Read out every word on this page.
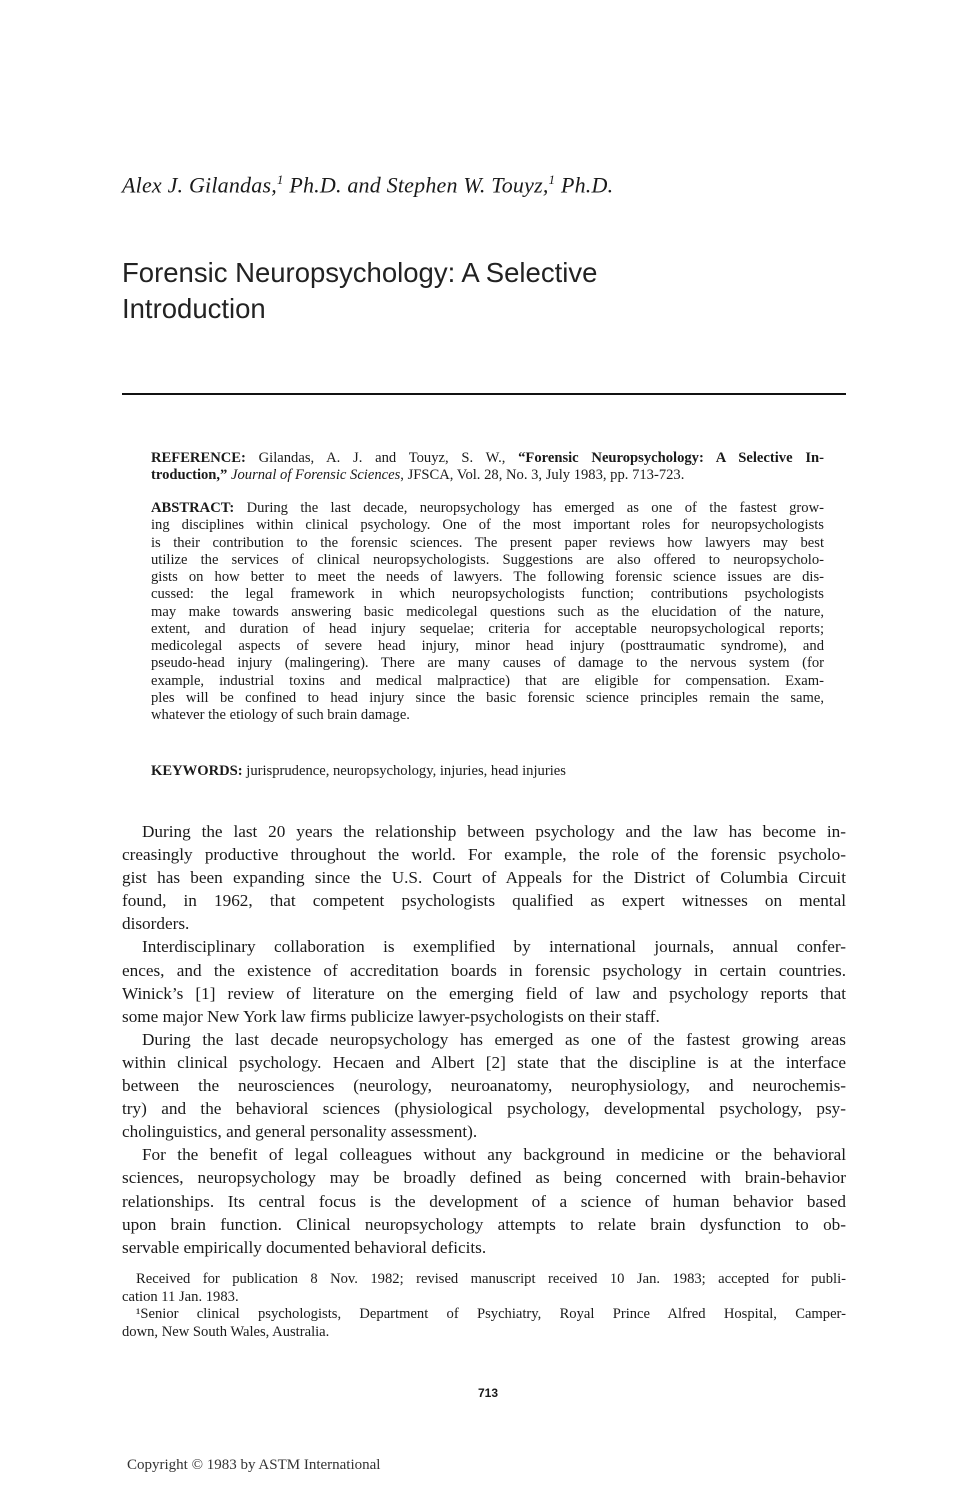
Alex J. Gilandas,$^1$ Ph.D. and Stephen W. Touyz,$^1$ Ph.D.
Forensic Neuropsychology: A Selective
Introduction
REFERENCE: Gilandas, A. J. and Touyz, S. W., “Forensic Neuropsychology: A Selective In-
troduction,” Journal of Forensic Sciences, JFSCA, Vol. 28, No. 3, July 1983, pp. 713-723.
ABSTRACT: During the last decade, neuropsychology has emerged as one of the fastest grow-
ing disciplines within clinical psychology. One of the most important roles for neuropsychologists
is their contribution to the forensic sciences. The present paper reviews how lawyers may best
utilize the services of clinical neuropsychologists. Suggestions are also offered to neuropsycholo-
gists on how better to meet the needs of lawyers. The following forensic science issues are dis-
cussed: the legal framework in which neuropsychologists function; contributions psychologists
may make towards answering basic medicolegal questions such as the elucidation of the nature,
extent, and duration of head injury sequelae; criteria for acceptable neuropsychological reports;
medicolegal aspects of severe head injury, minor head injury (posttraumatic syndrome), and
pseudo-head injury (malingering). There are many causes of damage to the nervous system (for
example, industrial toxins and medical malpractice) that are eligible for compensation. Exam-
ples will be confined to head injury since the basic forensic science principles remain the same,
whatever the etiology of such brain damage.
KEYWORDS: jurisprudence, neuropsychology, injuries, head injuries
During the last 20 years the relationship between psychology and the law has become in-
creasingly productive throughout the world. For example, the role of the forensic psycholo-
gist has been expanding since the U.S. Court of Appeals for the District of Columbia Circuit
found, in 1962, that competent psychologists qualified as expert witnesses on mental
disorders.
Interdisciplinary collaboration is exemplified by international journals, annual confer-
ences, and the existence of accreditation boards in forensic psychology in certain countries.
Winick’s [1] review of literature on the emerging field of law and psychology reports that
some major New York law firms publicize lawyer-psychologists on their staff.
During the last decade neuropsychology has emerged as one of the fastest growing areas
within clinical psychology. Hecaen and Albert [2] state that the discipline is at the interface
between the neurosciences (neurology, neuroanatomy, neurophysiology, and neurochemis-
try) and the behavioral sciences (physiological psychology, developmental psychology, psy-
cholinguistics, and general personality assessment).
For the benefit of legal colleagues without any background in medicine or the behavioral
sciences, neuropsychology may be broadly defined as being concerned with brain-behavior
relationships. Its central focus is the development of a science of human behavior based
upon brain function. Clinical neuropsychology attempts to relate brain dysfunction to ob-
servable empirically documented behavioral deficits.
Received for publication 8 Nov. 1982; revised manuscript received 10 Jan. 1983; accepted for publi-
cation 11 Jan. 1983.
¹Senior clinical psychologists, Department of Psychiatry, Royal Prince Alfred Hospital, Camper-
down, New South Wales, Australia.
713
Copyright © 1983 by ASTM International
